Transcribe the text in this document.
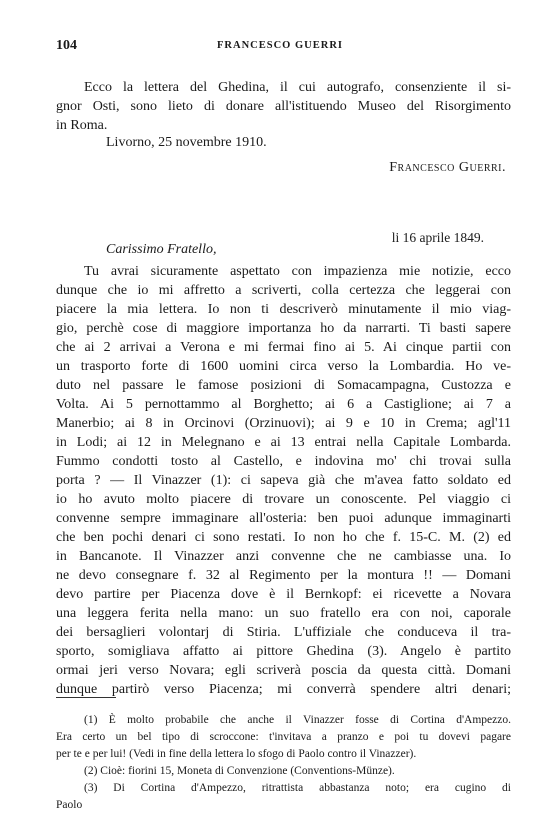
104	FRANCESCO GUERRI
Ecco la lettera del Ghedina, il cui autografo, consenziente il si-
gnor Osti, sono lieto di donare all'istituendo Museo del Risorgimento
in Roma.
Livorno, 25 novembre 1910.
Francesco Guerri.
li 16 aprile 1849.
Carissimo Fratello,
Tu avrai sicuramente aspettato con impazienza mie notizie, ecco
dunque che io mi affretto a scriverti, colla certezza che leggerai con
piacere la mia lettera. Io non ti descriverò minutamente il mio viag-
gio, perchè cose di maggiore importanza ho da narrarti. Ti basti sapere
che ai 2 arrivai a Verona e mi fermai fino ai 5. Ai cinque partii con
un trasporto forte di 1600 uomini circa verso la Lombardia. Ho ve-
duto nel passare le famose posizioni di Somacampagna, Custozza e
Volta. Ai 5 pernottammo al Borghetto; ai 6 a Castiglione; ai 7 a
Manerbio; ai 8 in Orcinovi (Orzinuovi); ai 9 e 10 in Crema; agl'11
in Lodi; ai 12 in Melegnano e ai 13 entrai nella Capitale Lombarda.
Fummo condotti tosto al Castello, e indovina mo' chi trovai sulla
porta ? — Il Vinazzer (1): ci sapeva già che m'avea fatto soldato ed
io ho avuto molto piacere di trovare un conoscente. Pel viaggio ci
convenne sempre immaginare all'osteria: ben puoi adunque immaginarti
che ben pochi denari ci sono restati. Io non ho che f. 15-C. M. (2) ed
in Bancanote. Il Vinazzer anzi convenne che ne cambiasse una. Io
ne devo consegnare f. 32 al Regimento per la montura !! — Domani
devo partire per Piacenza dove è il Bernkopf: ei ricevette a Novara
una leggera ferita nella mano: un suo fratello era con noi, caporale
dei bersaglieri volontarj di Stiria. L'uffiziale che conduceva il tra-
sporto, somigliava affatto ai pittore Ghedina (3). Angelo è partito
ormai jeri verso Novara; egli scriverà poscia da questa città. Domani
dunque partirò verso Piacenza; mi converrà spendere altri denari;
(1) È molto probabile che anche il Vinazzer fosse di Cortina d'Ampezzo.
Era certo un bel tipo di scroccone: t'invitava a pranzo e poi tu dovevi pagare
per te e per lui! (Vedi in fine della lettera lo sfogo di Paolo contro il Vinazzer).
(2) Cioè: fiorini 15, Moneta di Convenzione (Conventions-Münze).
(3) Di Cortina d'Ampezzo, ritrattista abbastanza noto; era cugino di
Paolo
